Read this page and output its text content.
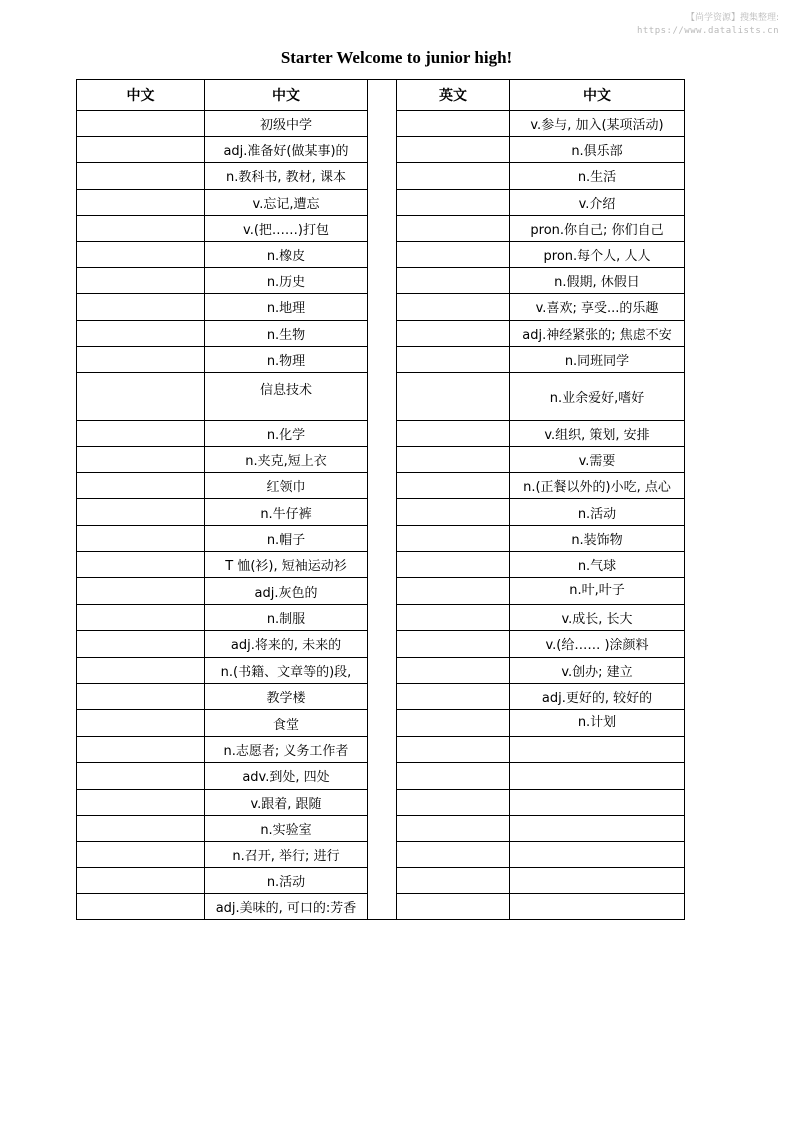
【尚学资源】搜集整理:
https://www.datalists.cn
Starter Welcome to junior high!
中文	中文		英文	中文
	初级中学			v.参与, 加入(某项活动)
	adj.准备好(做某事)的			n.俱乐部
	n.教科书, 教材, 课本			n.生活
	v.忘记,遭忘			v.介绍
	v.(把……)打包			pron.你自己; 你们自己
	n.橡皮			pron.每个人, 人人
	n.历史			n.假期, 休假日
	n.地理			v.喜欢; 享受...的乐趣
	n.生物			adj.神经紧张的; 焦虑不安
	n.物理			n.同班同学
	信息技术			n.业余爱好,嗜好
	n.化学			v.组织, 策划, 安排
	n.夹克,短上衣			v.需要
	红领巾			n.(正餐以外的)小吃, 点心
	n.牛仔裤			n.活动
	n.帽子			n.装饰物
	T 恤(衫), 短袖运动衫			n.气球
	adj.灰色的			n.叶,叶子
	n.制服			v.成长, 长大
	adj.将来的, 未来的			v.(给…… )涂颜料
	n.(书籍、文章等的)段,			v.创办; 建立
	教学楼			adj.更好的, 较好的
	食堂			n.计划
	n.志愿者; 义务工作者			
	adv.到处, 四处			
	v.跟着, 跟随			
	n.实验室			
	n.召开, 举行; 进行			
	n.活动			
	adj.美味的, 可口的:芳香			
